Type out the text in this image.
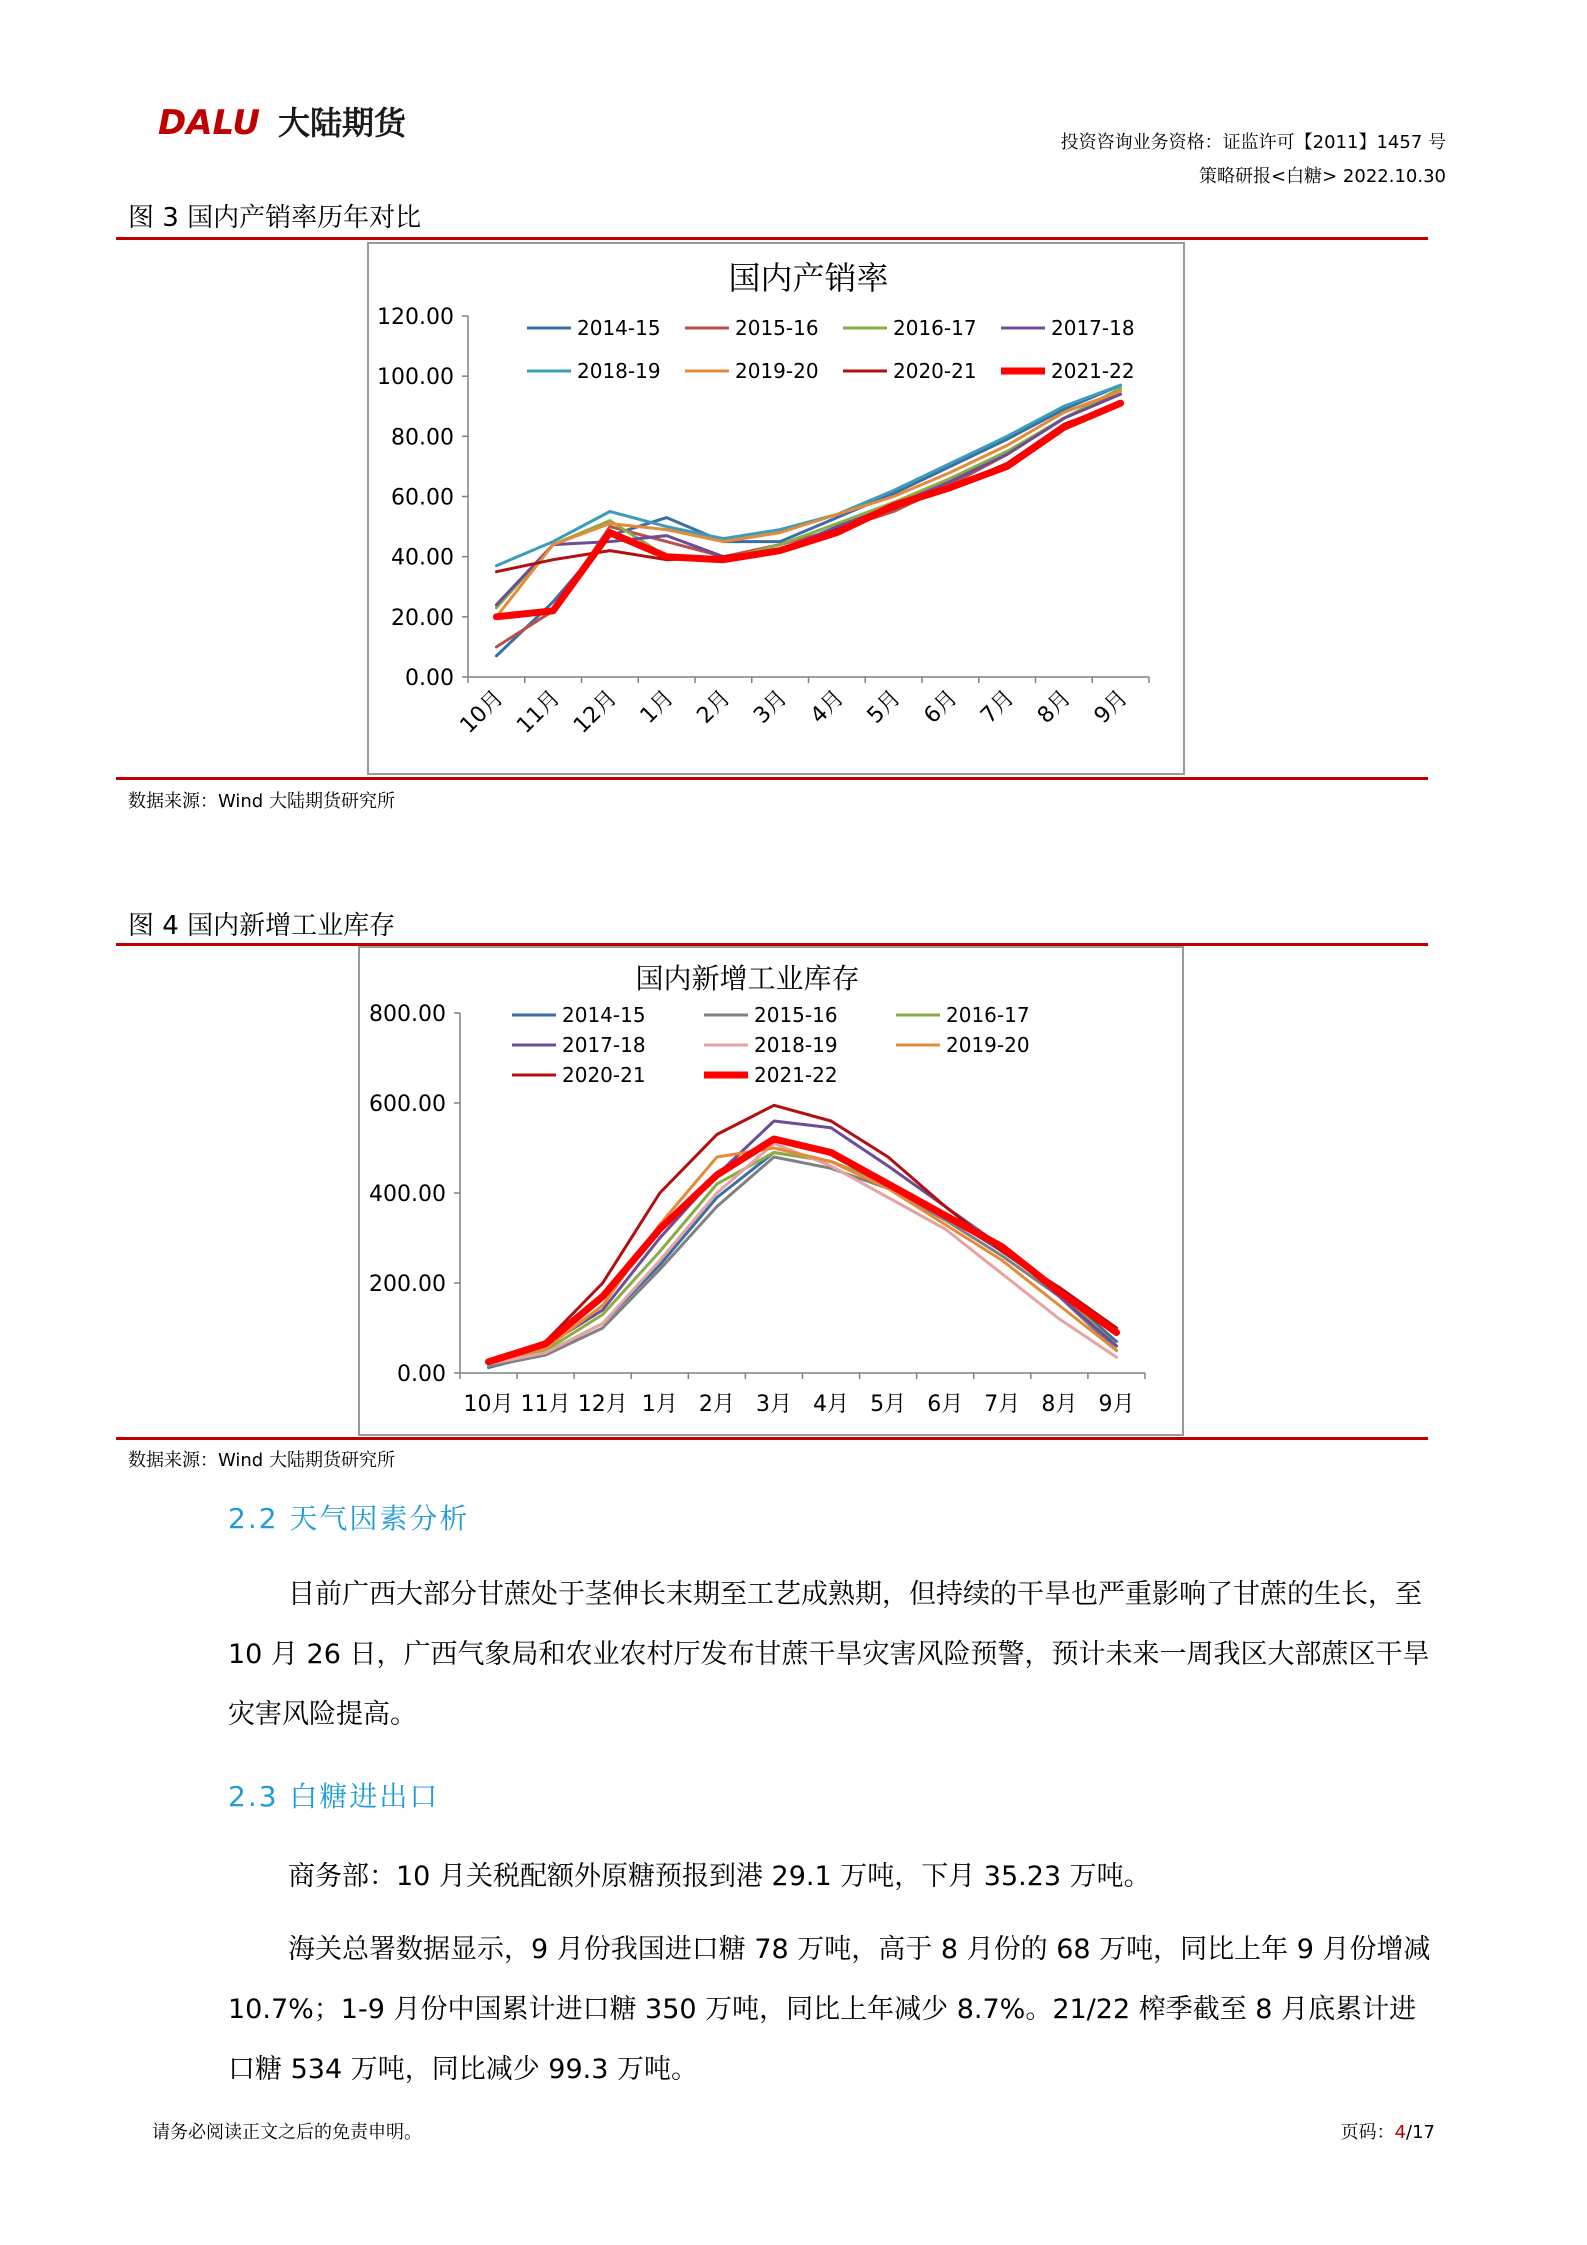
DALU 大陆期货
投资咨询业务资格：证监许可【2011】1457 号
策略研报<白糖> 2022.10.30
图 3 国内产销率历年对比
国内产销率
0.00
20.00
40.00
60.00
80.00
100.00
120.00
10月 11月 12月 1月 2月 3月 4月 5月 6月 7月 8月 9月
2014-15	2015-16	2016-17	2017-18
2018-19	2019-20	2020-21	2021-22
数据来源：Wind 大陆期货研究所
图 4 国内新增工业库存
国内新增工业库存
0.00
200.00
400.00
600.00
800.00
10月 11月 12月 1月 2月 3月 4月 5月 6月 7月 8月 9月
2014-15	2015-16	2016-17
2017-18	2018-19	2019-20
2020-21	2021-22
数据来源：Wind 大陆期货研究所
2.2 天气因素分析
目前广西大部分甘蔗处于茎伸长末期至工艺成熟期，但持续的干旱也严重影响了甘蔗的生长，至 10 月 26 日，广西气象局和农业农村厅发布甘蔗干旱灾害风险预警，预计未来一周我区大部蔗区干旱灾害风险提高。
2.3 白糖进出口
商务部：10 月关税配额外原糖预报到港 29.1 万吨，下月 35.23 万吨。
海关总署数据显示，9 月份我国进口糖 78 万吨，高于 8 月份的 68 万吨，同比上年 9 月份增减 10.7%；1-9 月份中国累计进口糖 350 万吨，同比上年减少 8.7%。21/22 榨季截至 8 月底累计进口糖 534 万吨，同比减少 99.3 万吨。
请务必阅读正文之后的免责申明。	页码：4/17
